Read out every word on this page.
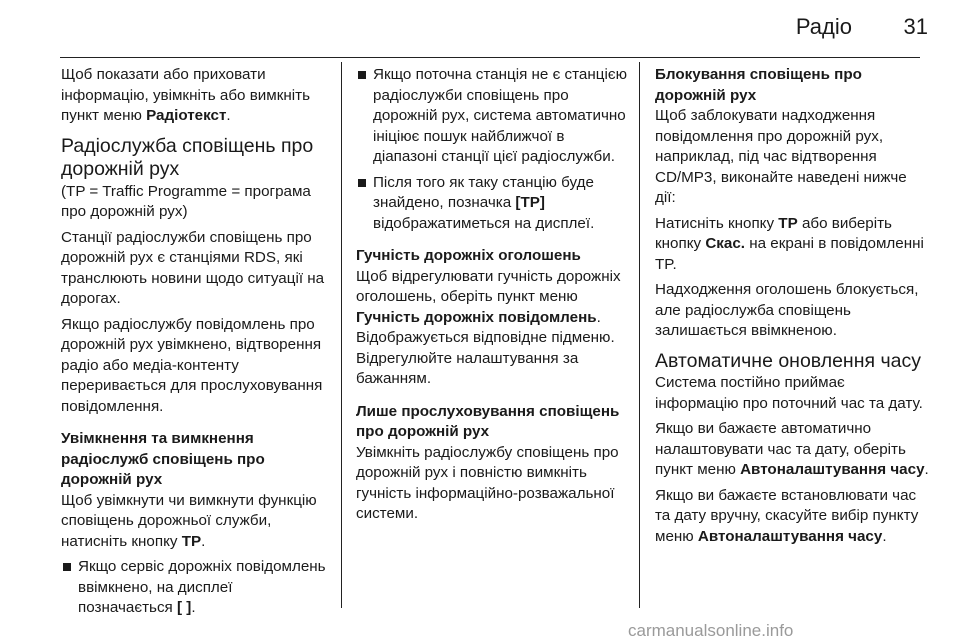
Радіо	31

Щоб показати або приховати інформацію, увімкніть або вимкніть пункт меню Радіотекст.

Радіослужба сповіщень про дорожній рух

(TP = Traffic Programme = програма про дорожній рух)

Станції радіослужби сповіщень про дорожній рух є станціями RDS, які транслюють новини щодо ситуації на дорогах.

Якщо радіослужбу повідомлень про дорожній рух увімкнено, відтворення радіо або медіа-контенту переривається для прослуховування повідомлення.

Увімкнення та вимкнення радіослужб сповіщень про дорожній рух

Щоб увімкнути чи вимкнути функцію сповіщень дорожньої служби, натисніть кнопку TP.

Якщо сервіс дорожніх повідомлень ввімкнено, на дисплеї позначається [ ].
Якщо поточна станція не є станцією радіослужби сповіщень про дорожній рух, система автоматично ініціює пошук найближчої в діапазоні станції цієї радіослужби.
Після того як таку станцію буде знайдено, позначка [TP] відображатиметься на дисплеї.
Гучність дорожніх оголошень

Щоб відрегулювати гучність дорожніх оголошень, оберіть пункт меню Гучність дорожніх повідомлень. Відображується відповідне підменю. Відрегулюйте налаштування за бажанням.

Лише прослуховування сповіщень про дорожній рух

Увімкніть радіослужбу сповіщень про дорожній рух і повністю вимкніть гучність інформаційно-розважальної системи.

Блокування сповіщень про дорожній рух

Щоб заблокувати надходження повідомлення про дорожній рух, наприклад, під час відтворення CD/MP3, виконайте наведені нижче дії:

Натисніть кнопку TP або виберіть кнопку Скас. на екрані в повідомленні TP.

Надходження оголошень блокується, але радіослужба сповіщень залишається ввімкненою.

Автоматичне оновлення часу

Система постійно приймає інформацію про поточний час та дату.

Якщо ви бажаєте автоматично налаштовувати час та дату, оберіть пункт меню Автоналаштування часу.

Якщо ви бажаєте встановлювати час та дату вручну, скасуйте вибір пункту меню Автоналаштування часу.

carmanualsonline.info
